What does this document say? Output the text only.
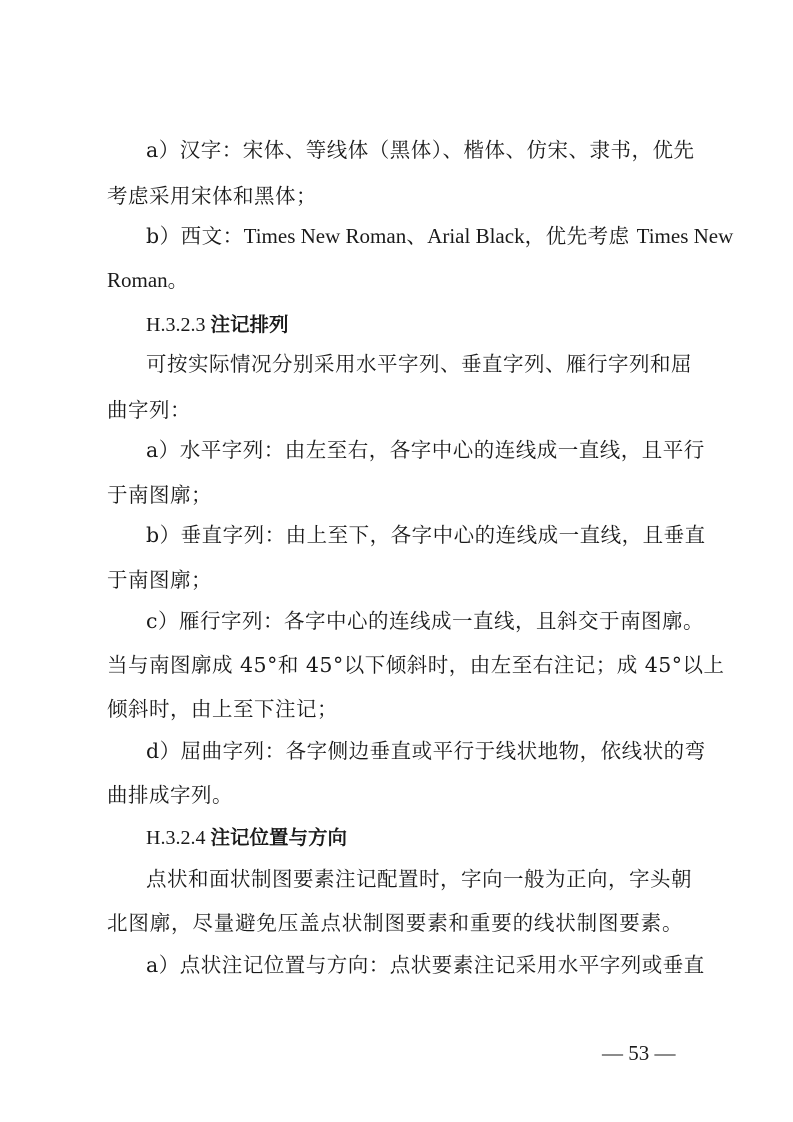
a）汉字：宋体、等线体（黑体）、楷体、仿宋、隶书，优先
考虑采用宋体和黑体；
b）西文：Times New Roman、Arial Black，优先考虑 Times New
Roman。
H.3.2.3 注记排列
可按实际情况分别采用水平字列、垂直字列、雁行字列和屈
曲字列：
a）水平字列：由左至右，各字中心的连线成一直线，且平行
于南图廓；
b）垂直字列：由上至下，各字中心的连线成一直线，且垂直
于南图廓；
c）雁行字列：各字中心的连线成一直线，且斜交于南图廓。
当与南图廓成 45°和 45°以下倾斜时，由左至右注记；成 45°以上
倾斜时，由上至下注记；
d）屈曲字列：各字侧边垂直或平行于线状地物，依线状的弯
曲排成字列。
H.3.2.4 注记位置与方向
点状和面状制图要素注记配置时，字向一般为正向，字头朝
北图廓，尽量避免压盖点状制图要素和重要的线状制图要素。
a）点状注记位置与方向：点状要素注记采用水平字列或垂直
— 53 —
